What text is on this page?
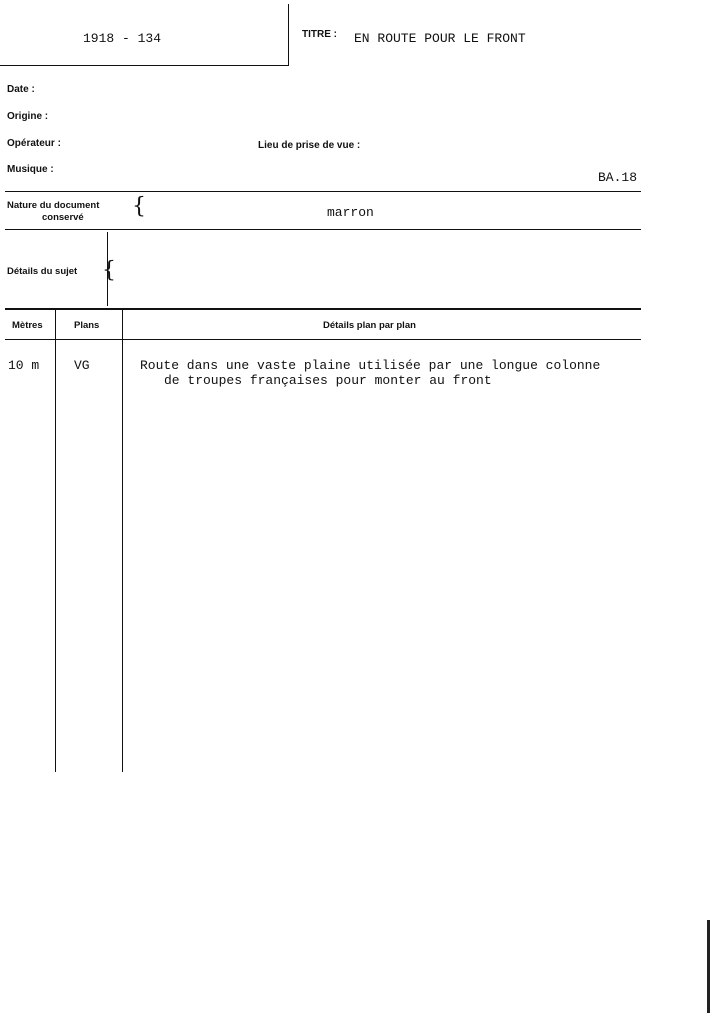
1918 - 134	TITRE : EN ROUTE POUR LE FRONT
Date :
Origine :
Opérateur :	Lieu de prise de vue :
Musique :
BA.18
Nature du document
conservé {	marron
Détails du sujet {
Mètres	Plans	Détails plan par plan
10 m	VG	Route dans une vaste plaine utilisée par une longue colonne
de troupes françaises pour monter au front
